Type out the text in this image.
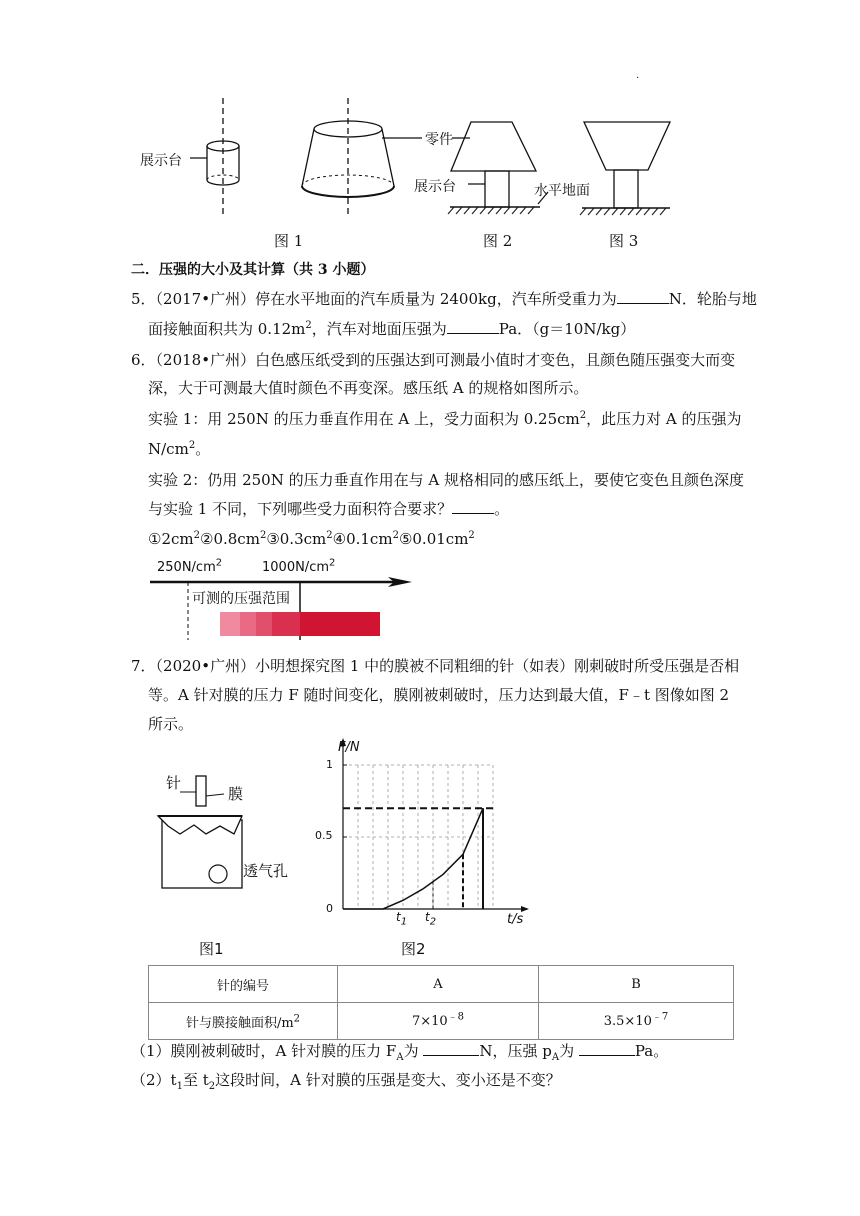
.
展示台
零件
展示台	水平地面
图 1	图 2	图 3
二．压强的大小及其计算（共 3 小题）
5．（2017•广州）停在水平地面的汽车质量为 2400kg，汽车所受重力为	N．轮胎与地
面接触面积共为 $0.12m^2$，汽车对地面压强为	Pa．（g＝10N/kg）
6．（2018•广州）白色感压纸受到的压强达到可测最小值时才变色，且颜色随压强变大而变
深，大于可测最大值时颜色不再变深。感压纸 A 的规格如图所示。
实验 1：用 250N 的压力垂直作用在 A 上，受力面积为 $0.25cm^2$，此压力对 A 的压强为
$N/cm^2$。
实验 2：仍用 250N 的压力垂直作用在与 A 规格相同的感压纸上，要使它变色且颜色深度
与实验 1 不同，下列哪些受力面积符合要求？	。
$①2cm^2②0.8cm^2③0.3cm^2④0.1cm^2⑤0.01cm^2$
$250N/cm^2$	$1000N/cm^2$
可测的压强范围
7．（2020•广州）小明想探究图 1 中的膜被不同粗细的针（如表）刚刺破时所受压强是否相
等。A 针对膜的压力 F 随时间变化，膜刚被刺破时，压力达到最大值，F﹣t 图像如图 2
所示。
针
膜
透气孔
图1
F/N
t/s
1
0.5
0
$t_1$ $t_2$
图2
针的编号	A	B
针与膜接触面积$/m^2$	$7\times 10^{﹣8}$	$3.5\times 10^{﹣7}$
（1）膜刚被刺破时，A 针对膜的压力 $F_A$为	N，压强 $p_A$为	Pa。
$(2)t_1$至 $t_2$这段时间，A 针对膜的压强是变大、变小还是不变？
